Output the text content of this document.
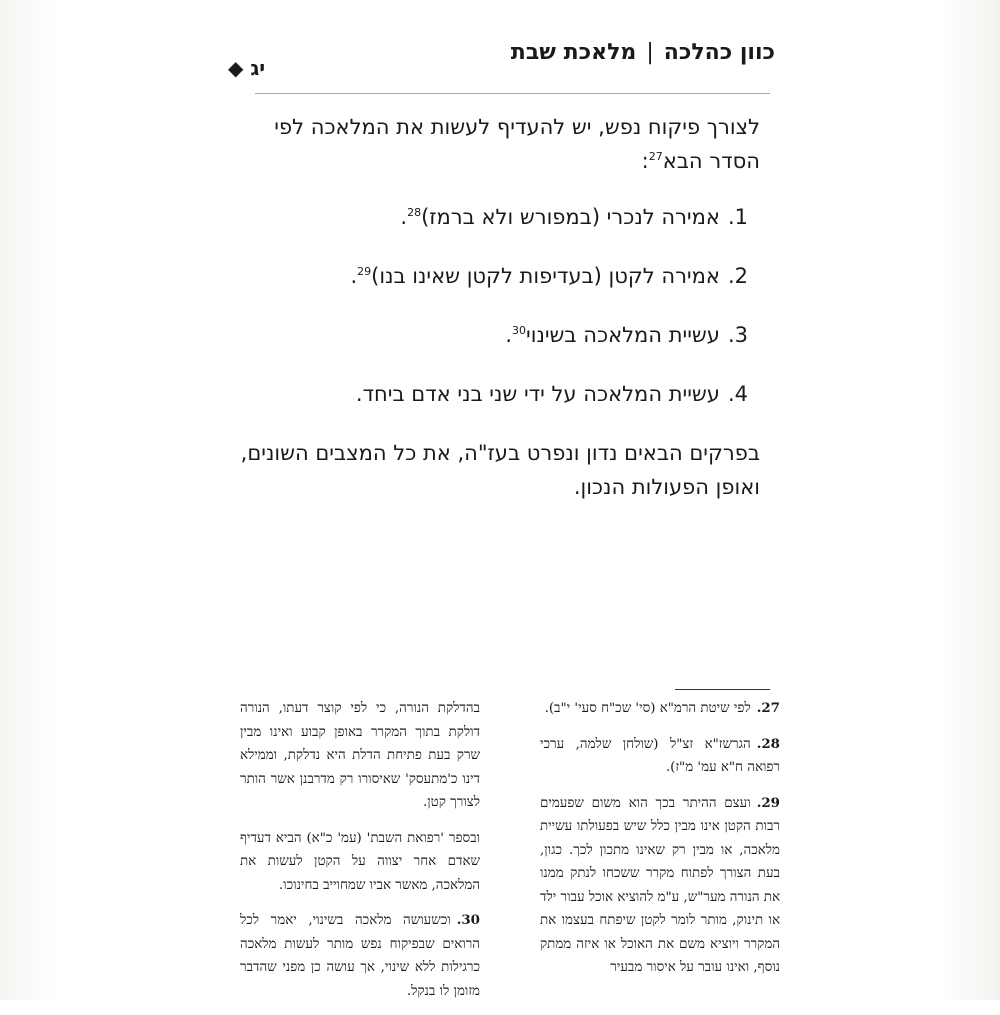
כוון כהלכה|מלאכת שבת
יג ◆

לצורך פיקוח נפש, יש להעדיף לעשות את המלאכה לפי הסדר הבא$^{27}$:

1.אמירה לנכרי (במפורש ולא ברמז)$^{28}$.
2.אמירה לקטן (בעדיפות לקטן שאינו בנו)$^{29}$.
3.עשיית המלאכה בשינוי$^{30}$.
4.עשיית המלאכה על ידי שני בני אדם ביחד.

בפרקים הבאים נדון ונפרט בעז"ה, את כל המצבים השונים, ואופן הפעולות הנכון.

27.לפי שיטת הרמ"א (סי' שכ"ח סעי' י"ב).

28.הגרשז"א זצ"ל (שולחן שלמה, ערכי רפואה ח"א עמ' מ"ז).

29.ועצם ההיתר בכך הוא משום שפעמים רבות הקטן אינו מבין כלל שיש בפעולתו עשיית מלאכה, או מבין רק שאינו מתכון לכך. כגון, בעת הצורך לפתוח מקרר ששכחו לנתק ממנו את הנורה מער"ש, ע"מ להוציא אוכל עבור ילד או תינוק, מותר לומר לקטן שיפתח בעצמו את המקרר ויוציא משם את האוכל או איזה ממתק נוסף, ואינו עובר על איסור מבעיר

בהדלקת הנורה, כי לפי קוצר דעתו, הנורה דולקת בתוך המקרר באופן קבוע ואינו מבין שרק בעת פתיחת הדלת היא נדלקת, וממילא דינו כ'מתעסק' שאיסורו רק מדרבנן אשר הותר לצורך קטן.

ובספר 'רפואת השבת' (עמ' כ"א) הביא דעדיף שאדם אחר יצווה על הקטן לעשות את המלאכה, מאשר אביו שמחוייב בחינוכו.

30.וכשעושה מלאכה בשינוי, יאמר לכל הרואים שבפיקוח נפש מותר לעשות מלאכה כרגילות ללא שינוי, אך עושה כן מפני שהדבר מזומן לו בנקל.
